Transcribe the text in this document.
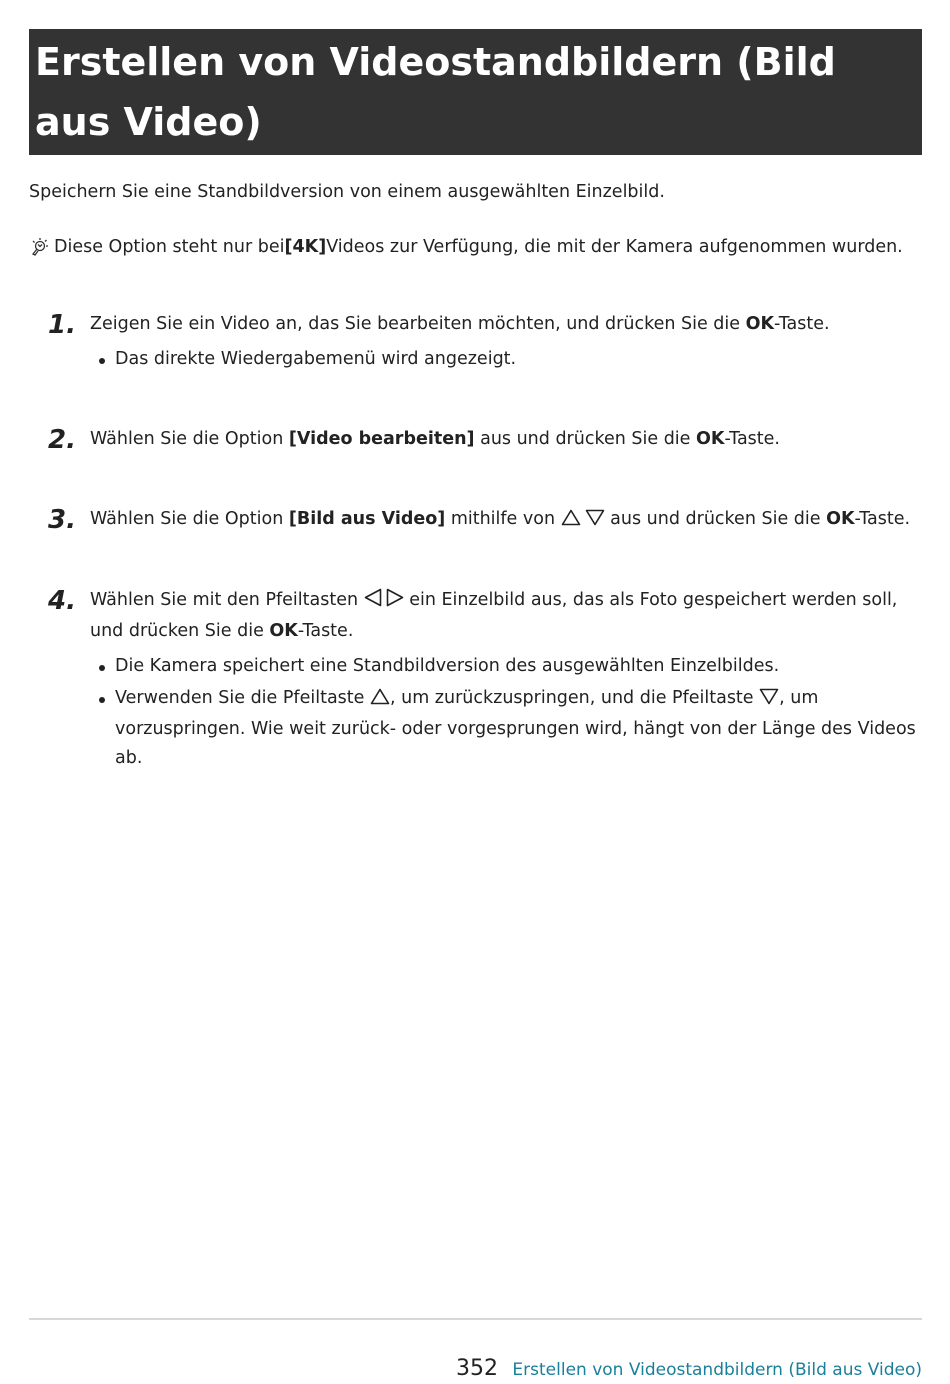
Erstellen von Videostandbildern (Bild aus Video)
Speichern Sie eine Standbildversion von einem ausgewählten Einzelbild.
Diese Option steht nur bei [4K] Videos zur Verfügung, die mit der Kamera aufgenommen wurden.
1. Zeigen Sie ein Video an, das Sie bearbeiten möchten, und drücken Sie die OK-Taste.
Das direkte Wiedergabemenü wird angezeigt.
2. Wählen Sie die Option [Video bearbeiten] aus und drücken Sie die OK-Taste.
3. Wählen Sie die Option [Bild aus Video] mithilfe von	aus und drücken Sie die OK-Taste.
4. Wählen Sie mit den Pfeiltasten  ein Einzelbild aus, das als Foto gespeichert werden soll, und drücken Sie die OK-Taste.
Die Kamera speichert eine Standbildversion des ausgewählten Einzelbildes.
Verwenden Sie die Pfeiltaste , um zurückzuspringen, und die Pfeiltaste , um vorzuspringen. Wie weit zurück- oder vorgesprungen wird, hängt von der Länge des Videos ab.
352 Erstellen von Videostandbildern (Bild aus Video)
